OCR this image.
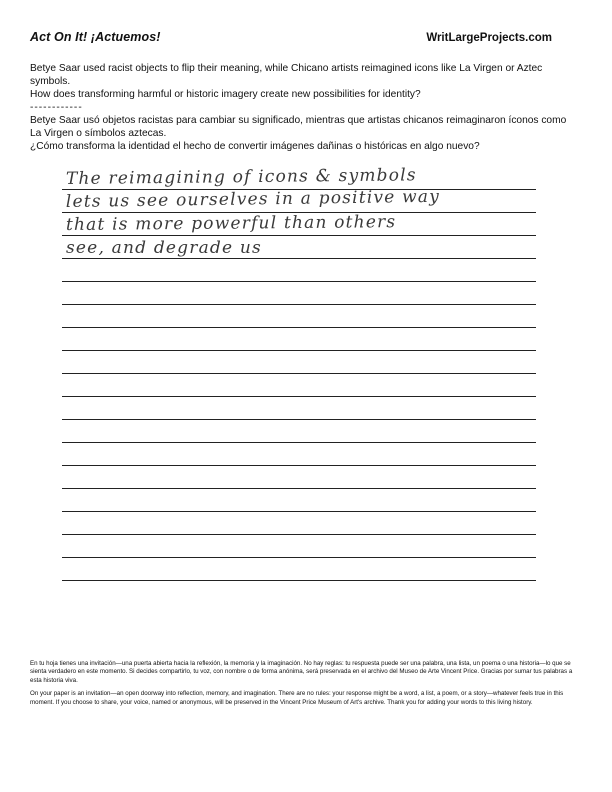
Act On It! ¡Actuemos!	WritLargeProjects.com

Betye Saar used racist objects to flip their meaning, while Chicano artists reimagined icons like La Virgen or Aztec symbols.

How does transforming harmful or historic imagery create new possibilities for identity?

------------

Betye Saar usó objetos racistas para cambiar su significado, mientras que artistas chicanos reimaginaron íconos como La Virgen o símbolos aztecas.

¿Cómo transforma la identidad el hecho de convertir imágenes dañinas o históricas en algo nuevo?

The reimagining of icons & symbols
lets us see ourselves in a positive way
that is more powerful than others
see, and degrade us

En tu hoja tienes una invitación—una puerta abierta hacia la reflexión, la memoria y la imaginación. No hay reglas: tu respuesta puede ser una palabra, una lista, un poema o una historia—lo que se sienta verdadero en este momento. Si decides compartirlo, tu voz, con nombre o de forma anónima, será preservada en el archivo del Museo de Arte Vincent Price. Gracias por sumar tus palabras a esta historia viva.

On your paper is an invitation—an open doorway into reflection, memory, and imagination. There are no rules: your response might be a word, a list, a poem, or a story—whatever feels true in this moment. If you choose to share, your voice, named or anonymous, will be preserved in the Vincent Price Museum of Art's archive. Thank you for adding your words to this living history.
